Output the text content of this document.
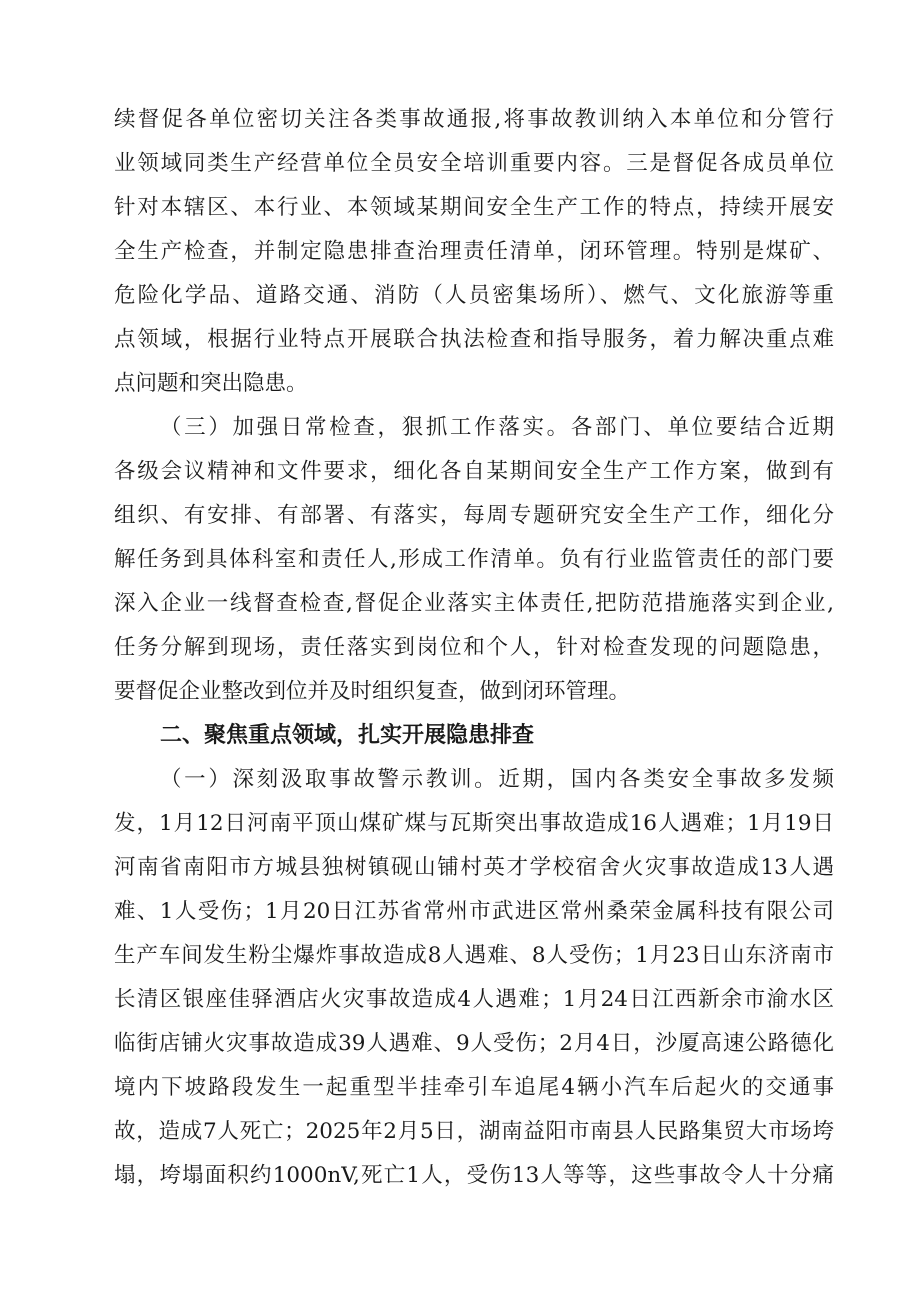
续督促各单位密切关注各类事故通报,将事故教训纳入本单位和分管行
业领域同类生产经营单位全员安全培训重要内容。三是督促各成员单位
针对本辖区、本行业、本领域某期间安全生产工作的特点，持续开展安
全生产检查，并制定隐患排查治理责任清单，闭环管理。特别是煤矿、
危险化学品、道路交通、消防（人员密集场所）、燃气、文化旅游等重
点领域，根据行业特点开展联合执法检查和指导服务，着力解决重点难
点问题和突出隐患。
（三）加强日常检查，狠抓工作落实。各部门、单位要结合近期
各级会议精神和文件要求，细化各自某期间安全生产工作方案，做到有
组织、有安排、有部署、有落实，每周专题研究安全生产工作，细化分
解任务到具体科室和责任人,形成工作清单。负有行业监管责任的部门要
深入企业一线督查检查,督促企业落实主体责任,把防范措施落实到企业,
任务分解到现场，责任落实到岗位和个人，针对检查发现的问题隐患，
要督促企业整改到位并及时组织复查，做到闭环管理。
二、聚焦重点领域，扎实开展隐患排查
（一）深刻汲取事故警示教训。近期，国内各类安全事故多发频
发，1月12日河南平顶山煤矿煤与瓦斯突出事故造成16人遇难；1月19日
河南省南阳市方城县独树镇砚山铺村英才学校宿舍火灾事故造成13人遇
难、1人受伤；1月20日江苏省常州市武进区常州桑荣金属科技有限公司
生产车间发生粉尘爆炸事故造成8人遇难、8人受伤；1月23日山东济南市
长清区银座佳驿酒店火灾事故造成4人遇难；1月24日江西新余市渝水区
临街店铺火灾事故造成39人遇难、9人受伤；2月4日，沙厦高速公路德化
境内下坡路段发生一起重型半挂牵引车追尾4辆小汽车后起火的交通事
故，造成7人死亡；2025年2月5日，湖南益阳市南县人民路集贸大市场垮
塌，垮塌面积约1000nV,死亡1人，受伤13人等等，这些事故令人十分痛
